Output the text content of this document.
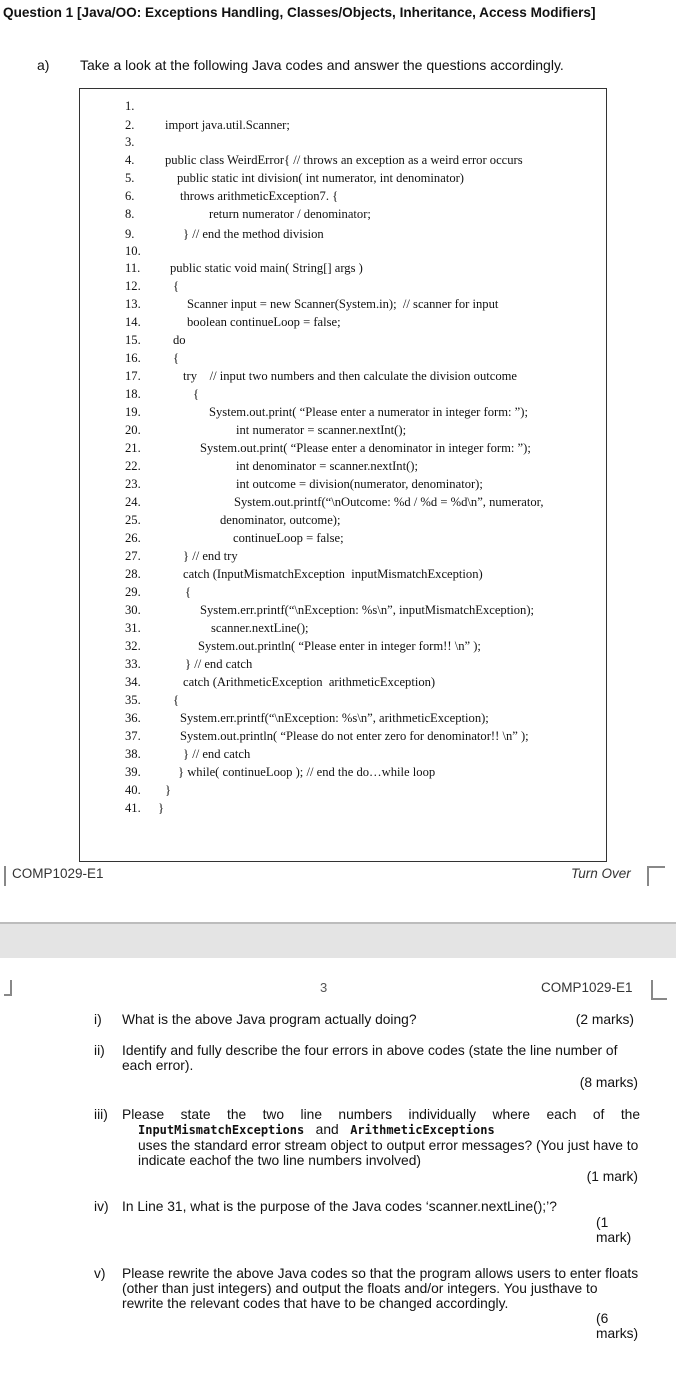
Question 1 [Java/OO: Exceptions Handling, Classes/Objects, Inheritance, Access Modifiers]
a) Take a look at the following Java codes and answer the questions accordingly.
1.
2. import java.util.Scanner;
3.
4. public class WeirdError{ // throws an exception as a weird error occurs
5.	public static int division( int numerator, int denominator)
6.	throws arithmeticException7. {
8.	return numerator / denominator;
9.	} // end the method division
10.
11. public static void main( String[] args )
12.	{
13.	Scanner input = new Scanner(System.in);  // scanner for input
14.	boolean continueLoop = false;
15.	do
16.	{
17.	try    // input two numbers and then calculate the division outcome
18.	{
19.	System.out.print( “Please enter a numerator in integer form: ”);
20.	int numerator = scanner.nextInt();
21.	System.out.print( “Please enter a denominator in integer form: ”);
22.	int denominator = scanner.nextInt();
23.	int outcome = division(numerator, denominator);
24.	System.out.printf(“\nOutcome: %d / %d = %d\n”, numerator,
25.	denominator, outcome);
26.	continueLoop = false;
27.	} // end try
28.	catch (InputMismatchException  inputMismatchException)
29.	{
30.	System.err.printf(“\nException: %s\n”, inputMismatchException);
31.	scanner.nextLine();
32.	System.out.println( “Please enter in integer form!! \n” );
33.	} // end catch
34.	catch (ArithmeticException  arithmeticException)
35.	{
36.	System.err.printf(“\nException: %s\n”, arithmeticException);
37.	System.out.println( “Please do not enter zero for denominator!! \n” );
38.	} // end catch
39.	} while( continueLoop ); // end the do…while loop
40. }
41. }
COMP1029-E1	Turn Over
3	COMP1029-E1
i) What is the above Java program actually doing?	(2 marks)
ii) Identify and fully describe the four errors in above codes (state the line number of each error).
(8 marks)
iii) Please state the two line numbers individually where each of the
InputMismatchExceptions and ArithmeticExceptions
uses the standard error stream object to output error messages? (You just have to indicate eachof the two line numbers involved)
(1 mark)
iv) In Line 31, what is the purpose of the Java codes ‘scanner.nextLine();’?
(1
mark)
v) Please rewrite the above Java codes so that the program allows users to enter floats (other than just integers) and output the floats and/or integers. You justhave to rewrite the relevant codes that have to be changed accordingly.
(6
marks)
